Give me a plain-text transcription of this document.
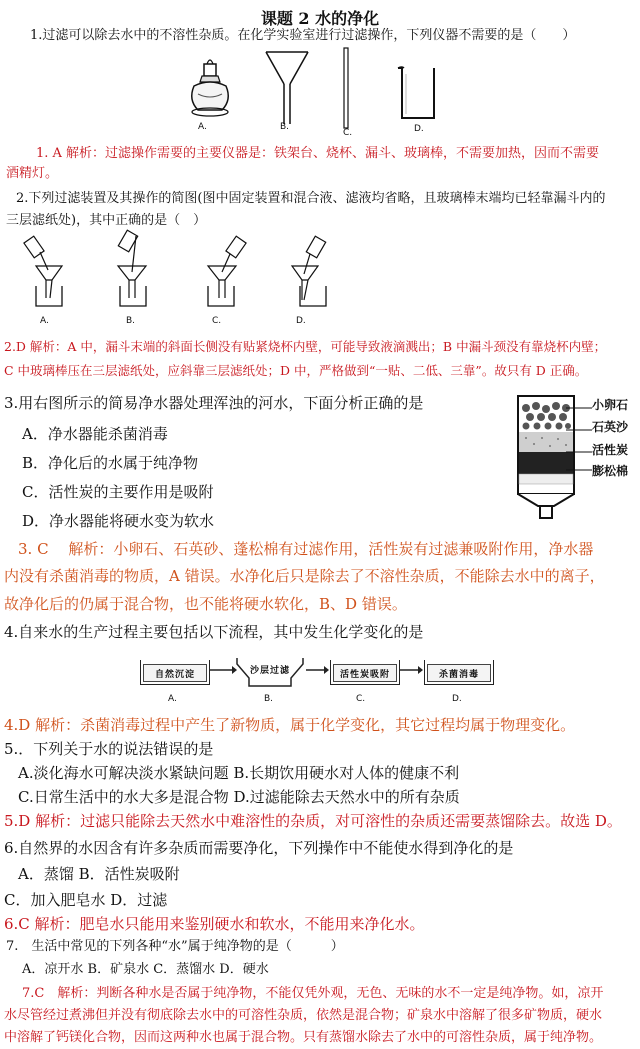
课题 2 水的净化
1.过滤可以除去水中的不溶性杂质。在化学实验室进行过滤操作，下列仪器不需要的是（　　）
A.	B.
C.	D.
1. A 解析：过滤操作需要的主要仪器是：铁架台、烧杯、漏斗、玻璃棒，不需要加热，因而不需要
酒精灯。
2.下列过滤装置及其操作的简图(图中固定装置和混合液、滤液均省略，且玻璃棒末端均已轻靠漏斗内的
三层滤纸处)，其中正确的是（　）
A.	B.	C.	D.
2.D 解析：A 中，漏斗末端的斜面长侧没有贴紧烧杯内壁，可能导致液滴溅出；B 中漏斗颈没有靠烧杯内壁；
C 中玻璃棒压在三层滤纸处，应斜靠三层滤纸处；D 中，严格做到“一贴、二低、三靠”。故只有 D 正确。
3.用右图所示的简易净水器处理浑浊的河水，下面分析正确的是
A．净水器能杀菌消毒
B．净化后的水属于纯净物
C．活性炭的主要作用是吸附
D．净水器能将硬水变为软水
小卵石
石英沙
活性炭
膨松棉
3. C　 解析：小卵石、石英砂、蓬松棉有过滤作用，活性炭有过滤兼吸附作用，净水器
内没有杀菌消毒的物质，A 错误。水净化后只是除去了不溶性杂质，不能除去水中的离子，
故净化后的仍属于混合物，也不能将硬水软化，B、D 错误。
4.自来水的生产过程主要包括以下流程，其中发生化学变化的是
自然沉淀	沙层过滤	活性炭吸附	杀菌消毒
A.	B.	C.	D.
4.D 解析：杀菌消毒过程中产生了新物质，属于化学变化，其它过程均属于物理变化。
5.．下列关于水的说法错误的是
A.淡化海水可解决淡水紧缺问题 B.长期饮用硬水对人体的健康不利
C.日常生活中的水大多是混合物 D.过滤能除去天然水中的所有杂质
5.D 解析：过滤只能除去天然水中难溶性的杂质，对可溶性的杂质还需要蒸馏除去。故选 D。
6.自然界的水因含有许多杂质而需要净化，下列操作中不能使水得到净化的是
A．蒸馏 B．活性炭吸附
C．加入肥皂水 D．过滤
6.C 解析：肥皂水只能用来鉴别硬水和软水，不能用来净化水。
7.　生活中常见的下列各种“水”属于纯净物的是（　　　）
A．凉开水 B．矿泉水 C．蒸馏水 D．硬水
7.C　解析：判断各种水是否属于纯净物，不能仅凭外观，无色、无味的水不一定是纯净物。如，凉开
水尽管经过煮沸但并没有彻底除去水中的可溶性杂质，依然是混合物；矿泉水中溶解了很多矿物质，硬水
中溶解了钙镁化合物，因而这两种水也属于混合物。只有蒸馏水除去了水中的可溶性杂质，属于纯净物。
